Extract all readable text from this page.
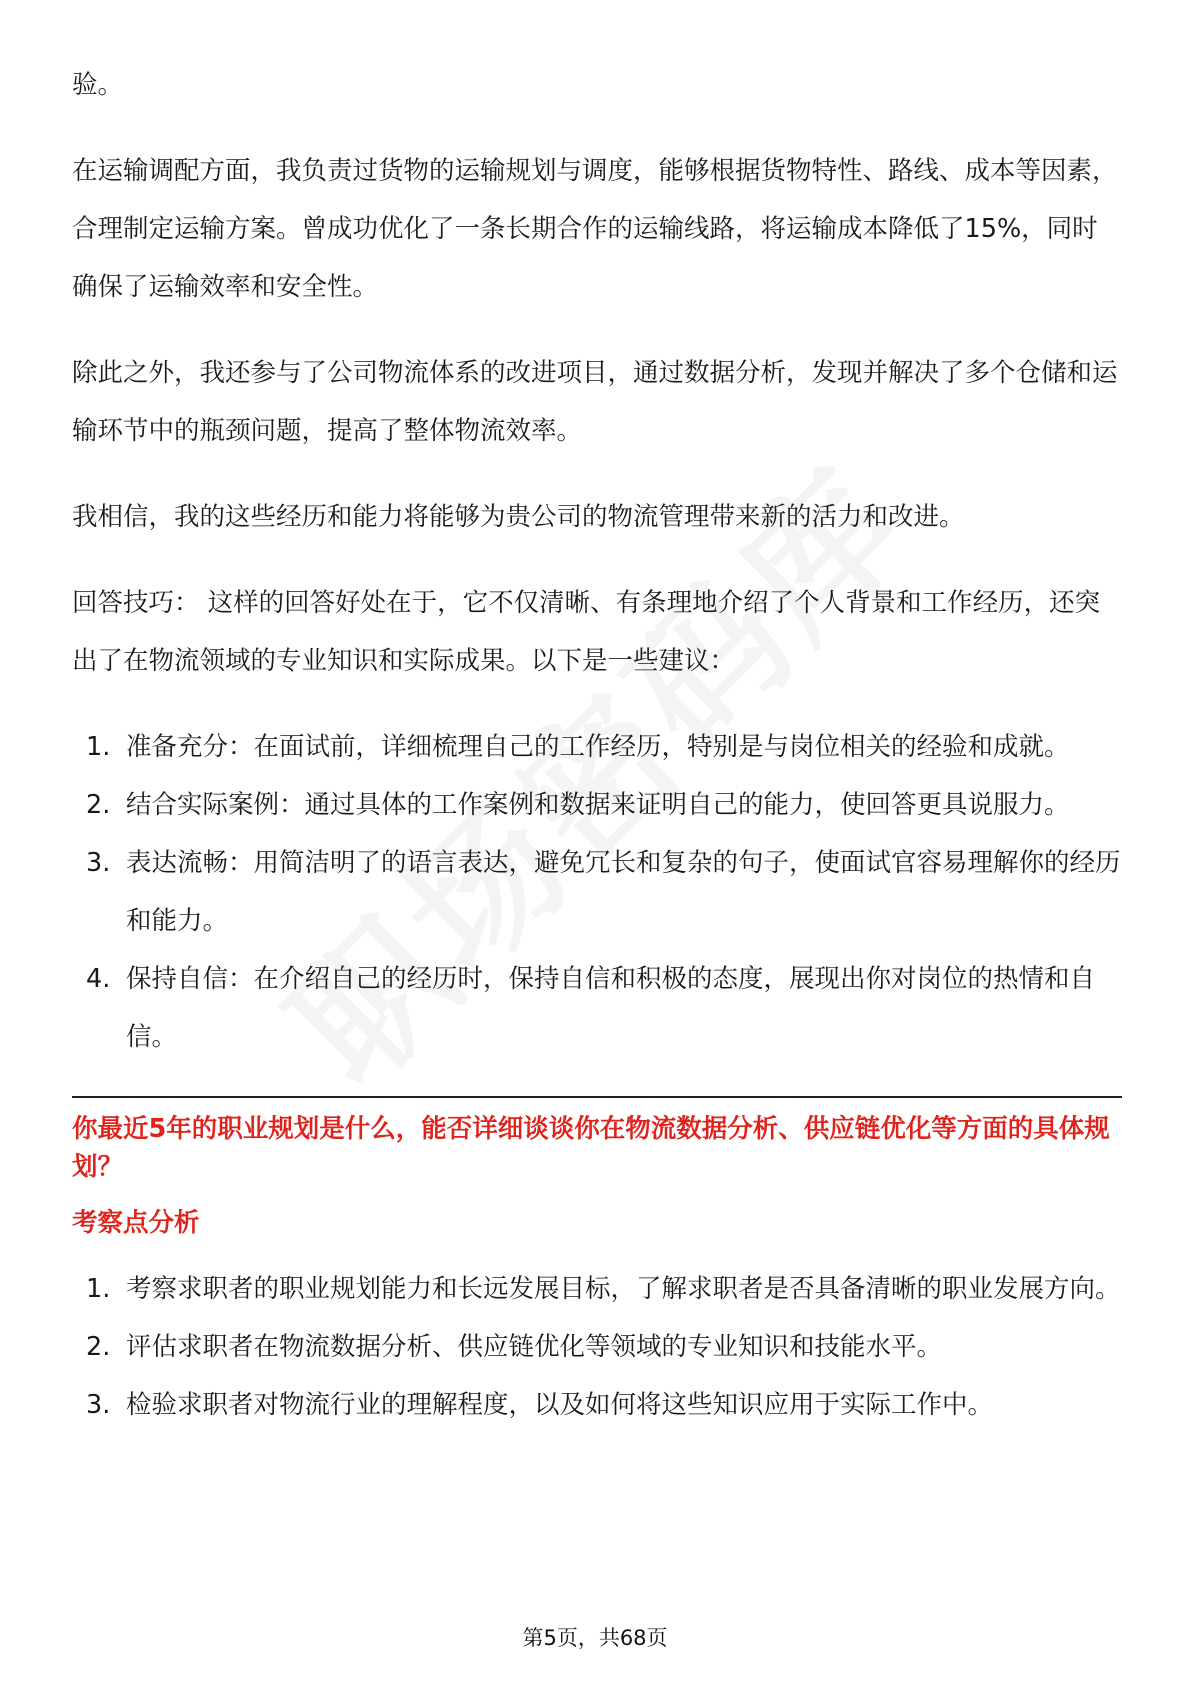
验。

在运输调配方面，我负责过货物的运输规划与调度，能够根据货物特性、路线、成本等因素，合理制定运输方案。曾成功优化了一条长期合作的运输线路，将运输成本降低了15%，同时确保了运输效率和安全性。

除此之外，我还参与了公司物流体系的改进项目，通过数据分析，发现并解决了多个仓储和运输环节中的瓶颈问题，提高了整体物流效率。

我相信，我的这些经历和能力将能够为贵公司的物流管理带来新的活力和改进。

回答技巧： 这样的回答好处在于，它不仅清晰、有条理地介绍了个人背景和工作经历，还突出了在物流领域的专业知识和实际成果。以下是一些建议：

1. 准备充分：在面试前，详细梳理自己的工作经历，特别是与岗位相关的经验和成就。
2. 结合实际案例：通过具体的工作案例和数据来证明自己的能力，使回答更具说服力。
3. 表达流畅：用简洁明了的语言表达，避免冗长和复杂的句子，使面试官容易理解你的经历和能力。
4. 保持自信：在介绍自己的经历时，保持自信和积极的态度，展现出你对岗位的热情和自信。
你最近5年的职业规划是什么，能否详细谈谈你在物流数据分析、供应链优化等方面的具体规划？
考察点分析
1. 考察求职者的职业规划能力和长远发展目标，了解求职者是否具备清晰的职业发展方向。
2. 评估求职者在物流数据分析、供应链优化等领域的专业知识和技能水平。
3. 检验求职者对物流行业的理解程度，以及如何将这些知识应用于实际工作中。
第5页，共68页
